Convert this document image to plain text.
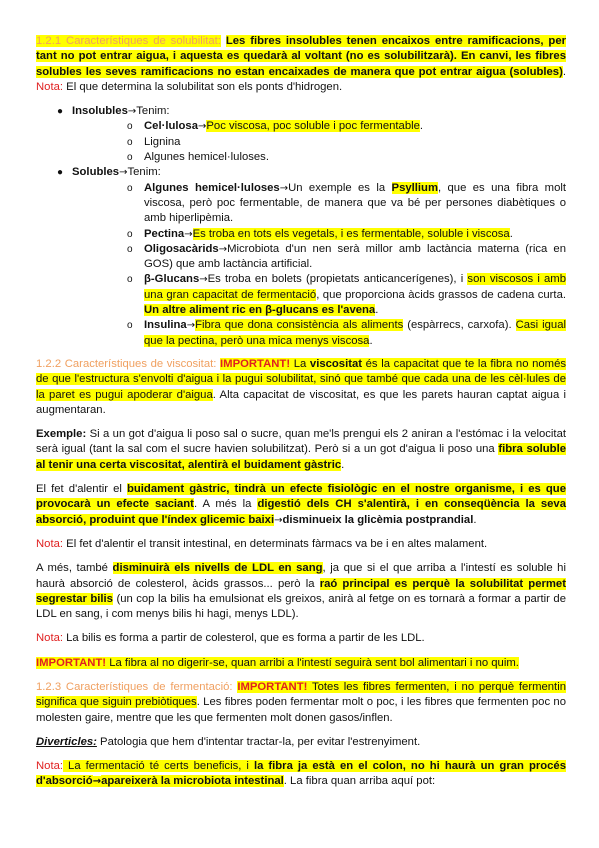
1.2.1 Característiques de solubilitat: Les fibres insolubles tenen encaixos entre ramificacions, per tant no pot entrar aigua, i aquesta es quedarà al voltant (no es solubilitzarà). En canvi, les fibres solubles les seves ramificacions no estan encaixades de manera que pot entrar aigua (solubles). Nota: El que determina la solubilitat son els ponts d'hidrogen.

● Insolubles→Tenim:
o Cel·lulosa→Poc viscosa, poc soluble i poc fermentable.
o Lignina
o Algunes hemicel·luloses.
● Solubles→Tenim:
o Algunes hemicel·luloses→Un exemple es la Psyllium, que es una fibra molt viscosa, però poc fermentable, de manera que va bé per persones diabètiques o amb hiperlipèmia.
o Pectina→Es troba en tots els vegetals, i es fermentable, soluble i viscosa.
o Oligosacàrids→Microbiota d'un nen serà millor amb lactància materna (rica en GOS) que amb lactància artificial.
o β-Glucans→Es troba en bolets (propietats anticancerígenes), i son viscosos i amb una gran capacitat de fermentació, que proporciona àcids grassos de cadena curta. Un altre aliment ric en β-glucans es l'avena.
o Insulina→Fibra que dona consistència als aliments (espàrrecs, carxofa). Casi igual que la pectina, però una mica menys viscosa.

1.2.2 Característiques de viscositat: IMPORTANT! La viscositat és la capacitat que te la fibra no només de que l'estructura s'envolti d'aigua i la pugui solubilitat, sinó que també que cada una de les cèl·lules de la paret es pugui apoderar d'aigua. Alta capacitat de viscositat, es que les parets hauran captat aigua i augmentaran.

Exemple: Si a un got d'aigua li poso sal o sucre, quan me'ls prengui els 2 aniran a l'estómac i la velocitat serà igual (tant la sal com el sucre havien solubilitzat). Però si a un got d'aigua li poso una fibra soluble al tenir una certa viscositat, alentirà el buidament gàstric.

El fet d'alentir el buidament gàstric, tindrà un efecte fisiològic en el nostre organisme, i es que provocarà un efecte saciant. A més la digestió dels CH s'alentirà, i en conseqüència la seva absorció, produint que l'índex glicemic baixi→disminueix la glicèmia postprandial.

Nota: El fet d'alentir el transit intestinal, en determinats fàrmacs va be i en altes malament.

A més, també disminuirà els nivells de LDL en sang, ja que si el que arriba a l'intestí es soluble hi haurà absorció de colesterol, àcids grassos... però la raó principal es perquè la solubilitat permet segrestar bilis (un cop la bilis ha emulsionat els greixos, anirà al fetge on es tornarà a formar a partir de LDL en sang, i com menys bilis hi hagi, menys LDL).

Nota: La bilis es forma a partir de colesterol, que es forma a partir de les LDL.

IMPORTANT! La fibra al no digerir-se, quan arribi a l'intestí seguirà sent bol alimentari i no quim.

1.2.3 Característiques de fermentació: IMPORTANT! Totes les fibres fermenten, i no perquè fermentin significa que siguin prebiòtiques. Les fibres poden fermentar molt o poc, i les fibres que fermenten poc no molesten gaire, mentre que les que fermenten molt donen gasos/inflen.

Diverticles: Patologia que hem d'intentar tractar-la, per evitar l'estrenyiment.

Nota: La fermentació té certs beneficis, i la fibra ja està en el colon, no hi haurà un gran procés d'absorció→apareixerà la microbiota intestinal. La fibra quan arriba aquí pot:
